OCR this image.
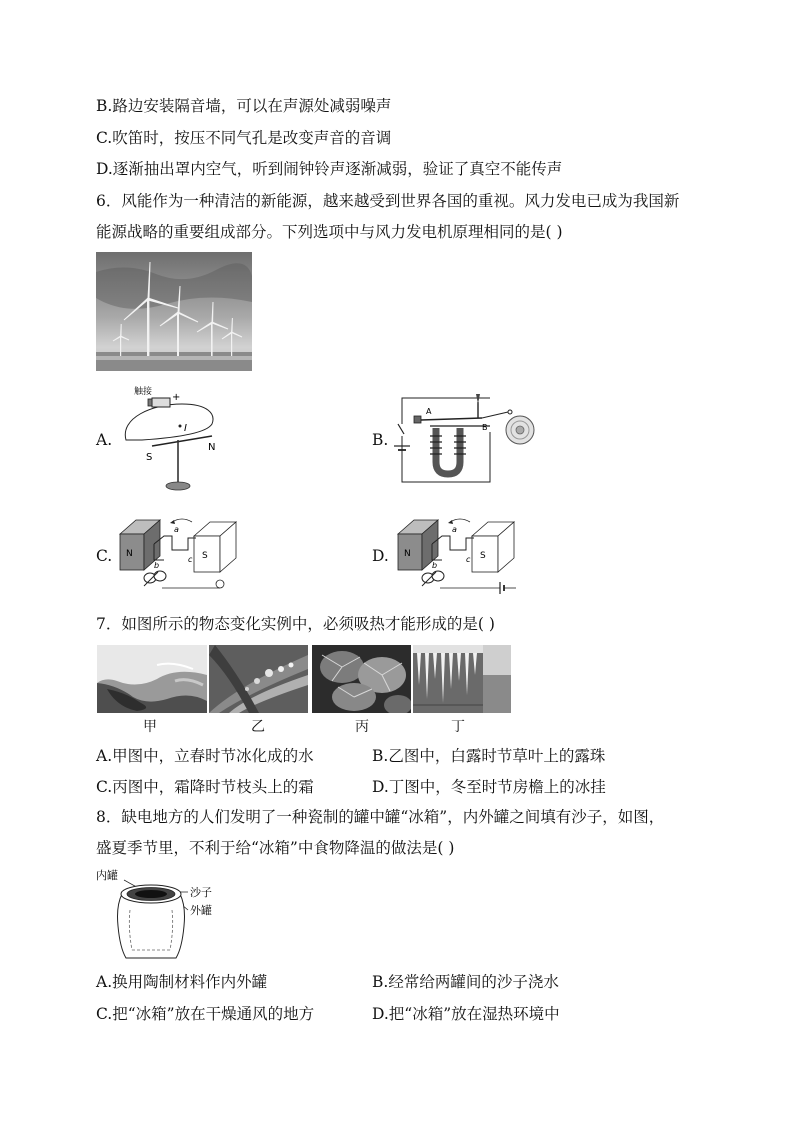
B.路边安装隔音墙，可以在声源处减弱噪声
C.吹笛时，按压不同气孔是改变声音的音调
D.逐渐抽出罩内空气，听到闹钟铃声逐渐减弱，验证了真空不能传声
6．风能作为一种清洁的新能源，越来越受到世界各国的重视。风力发电已成为我国新
能源战略的重要组成部分。下列选项中与风力发电机原理相同的是( )
A.
触接 +
I
S
N	B.
A
B
C. N	S
a
b
c	D. N	S
a
b
c
7．如图所示的物态变化实例中，必须吸热才能形成的是( )
甲	乙	丙	丁
A.甲图中，立春时节冰化成的水	B.乙图中，白露时节草叶上的露珠
C.丙图中，霜降时节枝头上的霜	D.丁图中，冬至时节房檐上的冰挂
8．缺电地方的人们发明了一种瓷制的罐中罐“冰箱”，内外罐之间填有沙子，如图，
盛夏季节里，不利于给“冰箱”中食物降温的做法是( )
内罐
沙子
外罐
A.换用陶制材料作内外罐	B.经常给两罐间的沙子浇水
C.把“冰箱”放在干燥通风的地方	D.把“冰箱”放在湿热环境中
